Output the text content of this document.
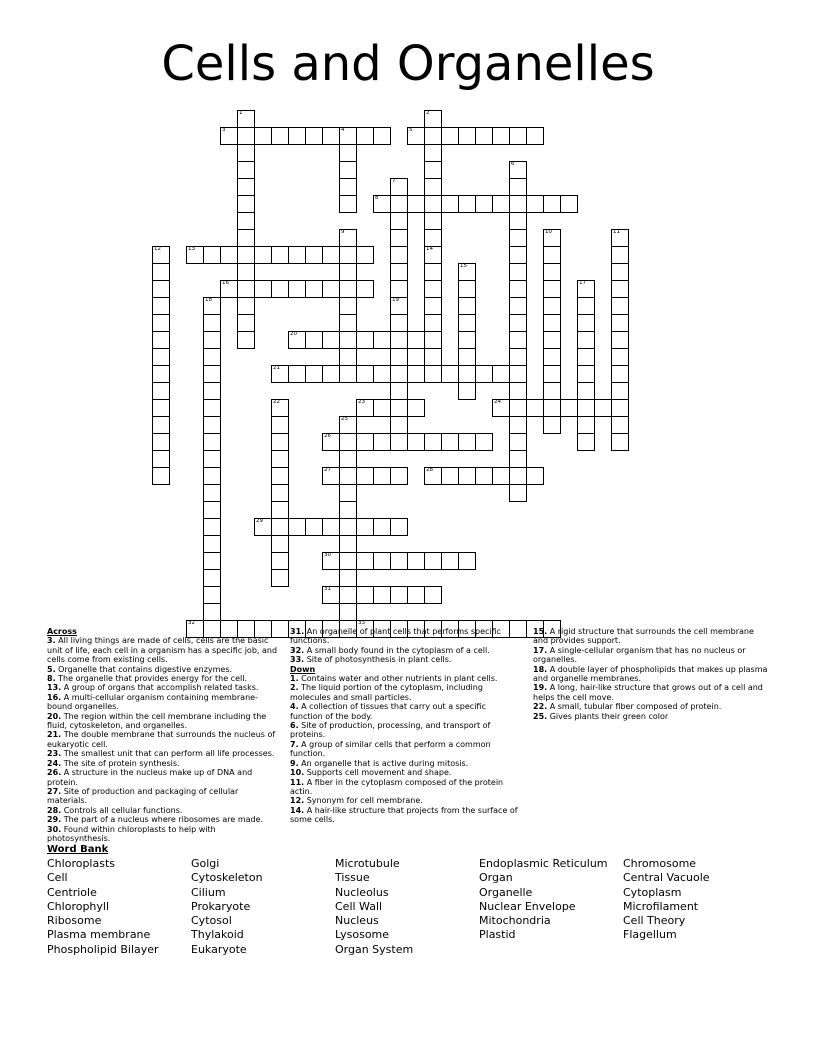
Cells and Organelles
3	4	5
8
13
16
20
21
23	24
26
27	28
29
30
31
32	33
1	2
14
6
7
9	10	11
12
15
17
18	19
22
25
Across
3. All living things are made of cells, cells are the basic unit of life, each cell in a organism has a specific job, and cells come from existing cells.
5. Organelle that contains digestive enzymes.
8. The organelle that provides energy for the cell.
13. A group of organs that accomplish related tasks.
16. A multi-cellular organism containing membrane-bound organelles.
20. The region within the cell membrane including the fluid, cytoskeleton, and organelles.
21. The double membrane that surrounds the nucleus of eukaryotic cell.
23. The smallest unit that can perform all life processes.
24. The site of protein synthesis.
26. A structure in the nucleus make up of DNA and protein.
27. Site of production and packaging of cellular materials.
28. Controls all cellular functions.
29. The part of a nucleus where ribosomes are made.
30. Found within chloroplasts to help with photosynthesis.
31. An organelle of plant cells that performs specific functions.
32. A small body found in the cytoplasm of a cell.
33. Site of photosynthesis in plant cells.
Down
1. Contains water and other nutrients in plant cells.
2. The liquid portion of the cytoplasm, including molecules and small particles.
4. A collection of tissues that carry out a specific function of the body.
6. Site of production, processing, and transport of proteins.
7. A group of similar cells that perform a common function.
9. An organelle that is active during mitosis.
10. Supports cell movement and shape.
11. A fiber in the cytoplasm composed of the protein actin.
12. Synonym for cell membrane.
14. A hair-like structure that projects from the surface of some cells.
15. A rigid structure that surrounds the cell membrane and provides support.
17. A single-cellular organism that has no nucleus or organelles.
18. A double layer of phospholipids that makes up plasma and organelle membranes.
19. A long, hair-like structure that grows out of a cell and helps the cell move.
22. A small, tubular fiber composed of protein.
25. Gives plants their green color
Word Bank
Chloroplasts
Cell
Centriole
Chlorophyll
Ribosome
Plasma membrane
Phospholipid Bilayer
Golgi
Cytoskeleton
Cilium
Prokaryote
Cytosol
Thylakoid
Eukaryote
Microtubule
Tissue
Nucleolus
Cell Wall
Nucleus
Lysosome
Organ System
Endoplasmic Reticulum
Organ
Organelle
Nuclear Envelope
Mitochondria
Plastid
Chromosome
Central Vacuole
Cytoplasm
Microfilament
Cell Theory
Flagellum
